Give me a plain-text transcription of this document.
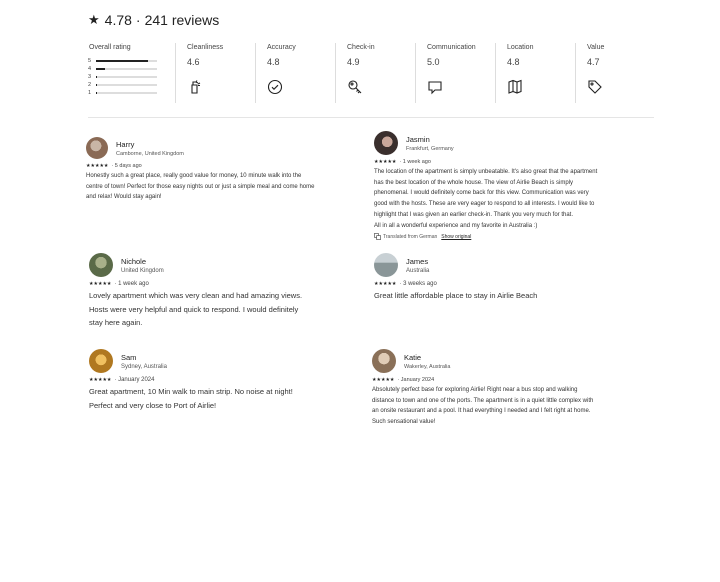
★ 4.78 · 241 reviews
Overall rating
5
4
3
2
1
Cleanliness
4.6
Accuracy
4.8
Check-in
4.9
Communication
5.0
Location
4.8
Value
4.7
Harry
Camborne, United Kingdom
★★★★★ · 5 days ago
Honestly such a great place, really good value for money, 10 minute walk into the
centre of town! Perfect for those easy nights out or just a simple meal and come home
and relax! Would stay again!
Jasmin
Frankfurt, Germany
★★★★★ · 1 week ago
The location of the apartment is simply unbeatable. It's also great that the apartment
has the best location of the whole house. The view of Airlie Beach is simply
phenomenal. I would definitely come back for this view. Communication was very
good with the hosts. These are very eager to respond to all interests. I would like to
highlight that I was given an earlier check-in. Thank you very much for that.
All in all a wonderful experience and my favorite in Australia :)
Translated from German Show original
Nichole
United Kingdom
★★★★★ · 1 week ago
Lovely apartment which was very clean and had amazing views.
Hosts were very helpful and quick to respond. I would definitely
stay here again.
James
Australia
★★★★★ · 3 weeks ago
Great little affordable place to stay in Airlie Beach
Sam
Sydney, Australia
★★★★★ · January 2024
Great apartment, 10 Min walk to main strip. No noise at night!
Perfect and very close to Port of Airlie!
Katie
Wakerley, Australia
★★★★★ · January 2024
Absolutely perfect base for exploring Airlie! Right near a bus stop and walking
distance to town and one of the ports. The apartment is in a quiet little complex with
an onsite restaurant and a pool. It had everything I needed and I felt right at home.
Such sensational value!
